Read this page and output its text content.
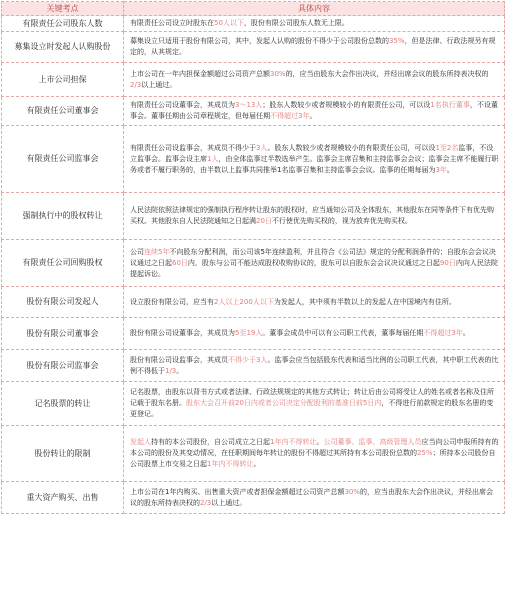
关键考点	具体内容
有限责任公司股东人数	有限责任公司设立时股东在50人以下，股份有限公司股东人数无上限。
募集设立时发起人认购股份	募集设立只适用于股份有限公司，其中，发起人认购的股份不得少于公司股份总数的35%，但是法律、行政法规另有规定的，从其规定。
上市公司担保	上市公司在一年内担保金额超过公司资产总额30%的，应当由股东大会作出决议，并经出席会议的股东所持表决权的2/3以上通过。
有限责任公司董事会	有限责任公司设董事会，其成员为3～13人；股东人数较少或者规模较小的有限责任公司，可以设1名执行董事，不设董事会。董事任期由公司章程规定，但每届任期不得超过3年。
有限责任公司监事会	有限责任公司设监事会，其成员不得少于3人。股东人数较少或者规模较小的有限责任公司，可以设1至2名监事，不设立监事会。监事会设主席1人，由全体监事过半数选举产生。监事会主席召集和主持监事会会议；监事会主席不能履行职务或者不履行职务的，由半数以上监事共同推举1名监事召集和主持监事会会议。监事的任期每届为3年。
强制执行中的股权转让	人民法院依照法律规定的强制执行程序转让股东的股权时，应当通知公司及全体股东，其他股东在同等条件下有优先购买权。其他股东自人民法院通知之日起满20日不行使优先购买权的，视为放弃优先购买权。
有限责任公司回购股权	公司连续5年不向股东分配利润，而公司该5年连续盈利，并且符合《公司法》规定的分配利润条件的；自股东会会议决议通过之日起60日内，股东与公司不能达成股权收购协议的，股东可以自股东会会议决议通过之日起90日内向人民法院提起诉讼。
股份有限公司发起人	设立股份有限公司，应当有2人以上200人以下为发起人，其中须有半数以上的发起人在中国境内有住所。
股份有限公司董事会	股份有限公司设董事会，其成员为5至19人。董事会成员中可以有公司职工代表，董事每届任期不得超过3年。
股份有限公司监事会	股份有限公司设监事会，其成员不得少于3人。监事会应当包括股东代表和适当比例的公司职工代表，其中职工代表的比例不得低于1/3。
记名股票的转让	记名股票，由股东以背书方式或者法律、行政法规规定的其他方式转让；转让后由公司将受让人的姓名或者名称及住所记载于股东名册。股东大会召开前20日内或者公司决定分配股利的基准日前5日内，不得进行前款规定的股东名册的变更登记。
股份转让的限制	发起人持有的本公司股份，自公司成立之日起1年内不得转让。公司董事、监事、高级管理人员应当向公司申报所持有的本公司的股份及其变动情况，在任职期间每年转让的股份不得超过其所持有本公司股份总数的25%；所持本公司股份自公司股票上市交易之日起1年内不得转让。
重大资产购买、出售	上市公司在1年内购买、出售重大资产或者担保金额超过公司资产总额30%的，应当由股东大会作出决议，并经出席会议的股东所持表决权的2/3以上通过。
